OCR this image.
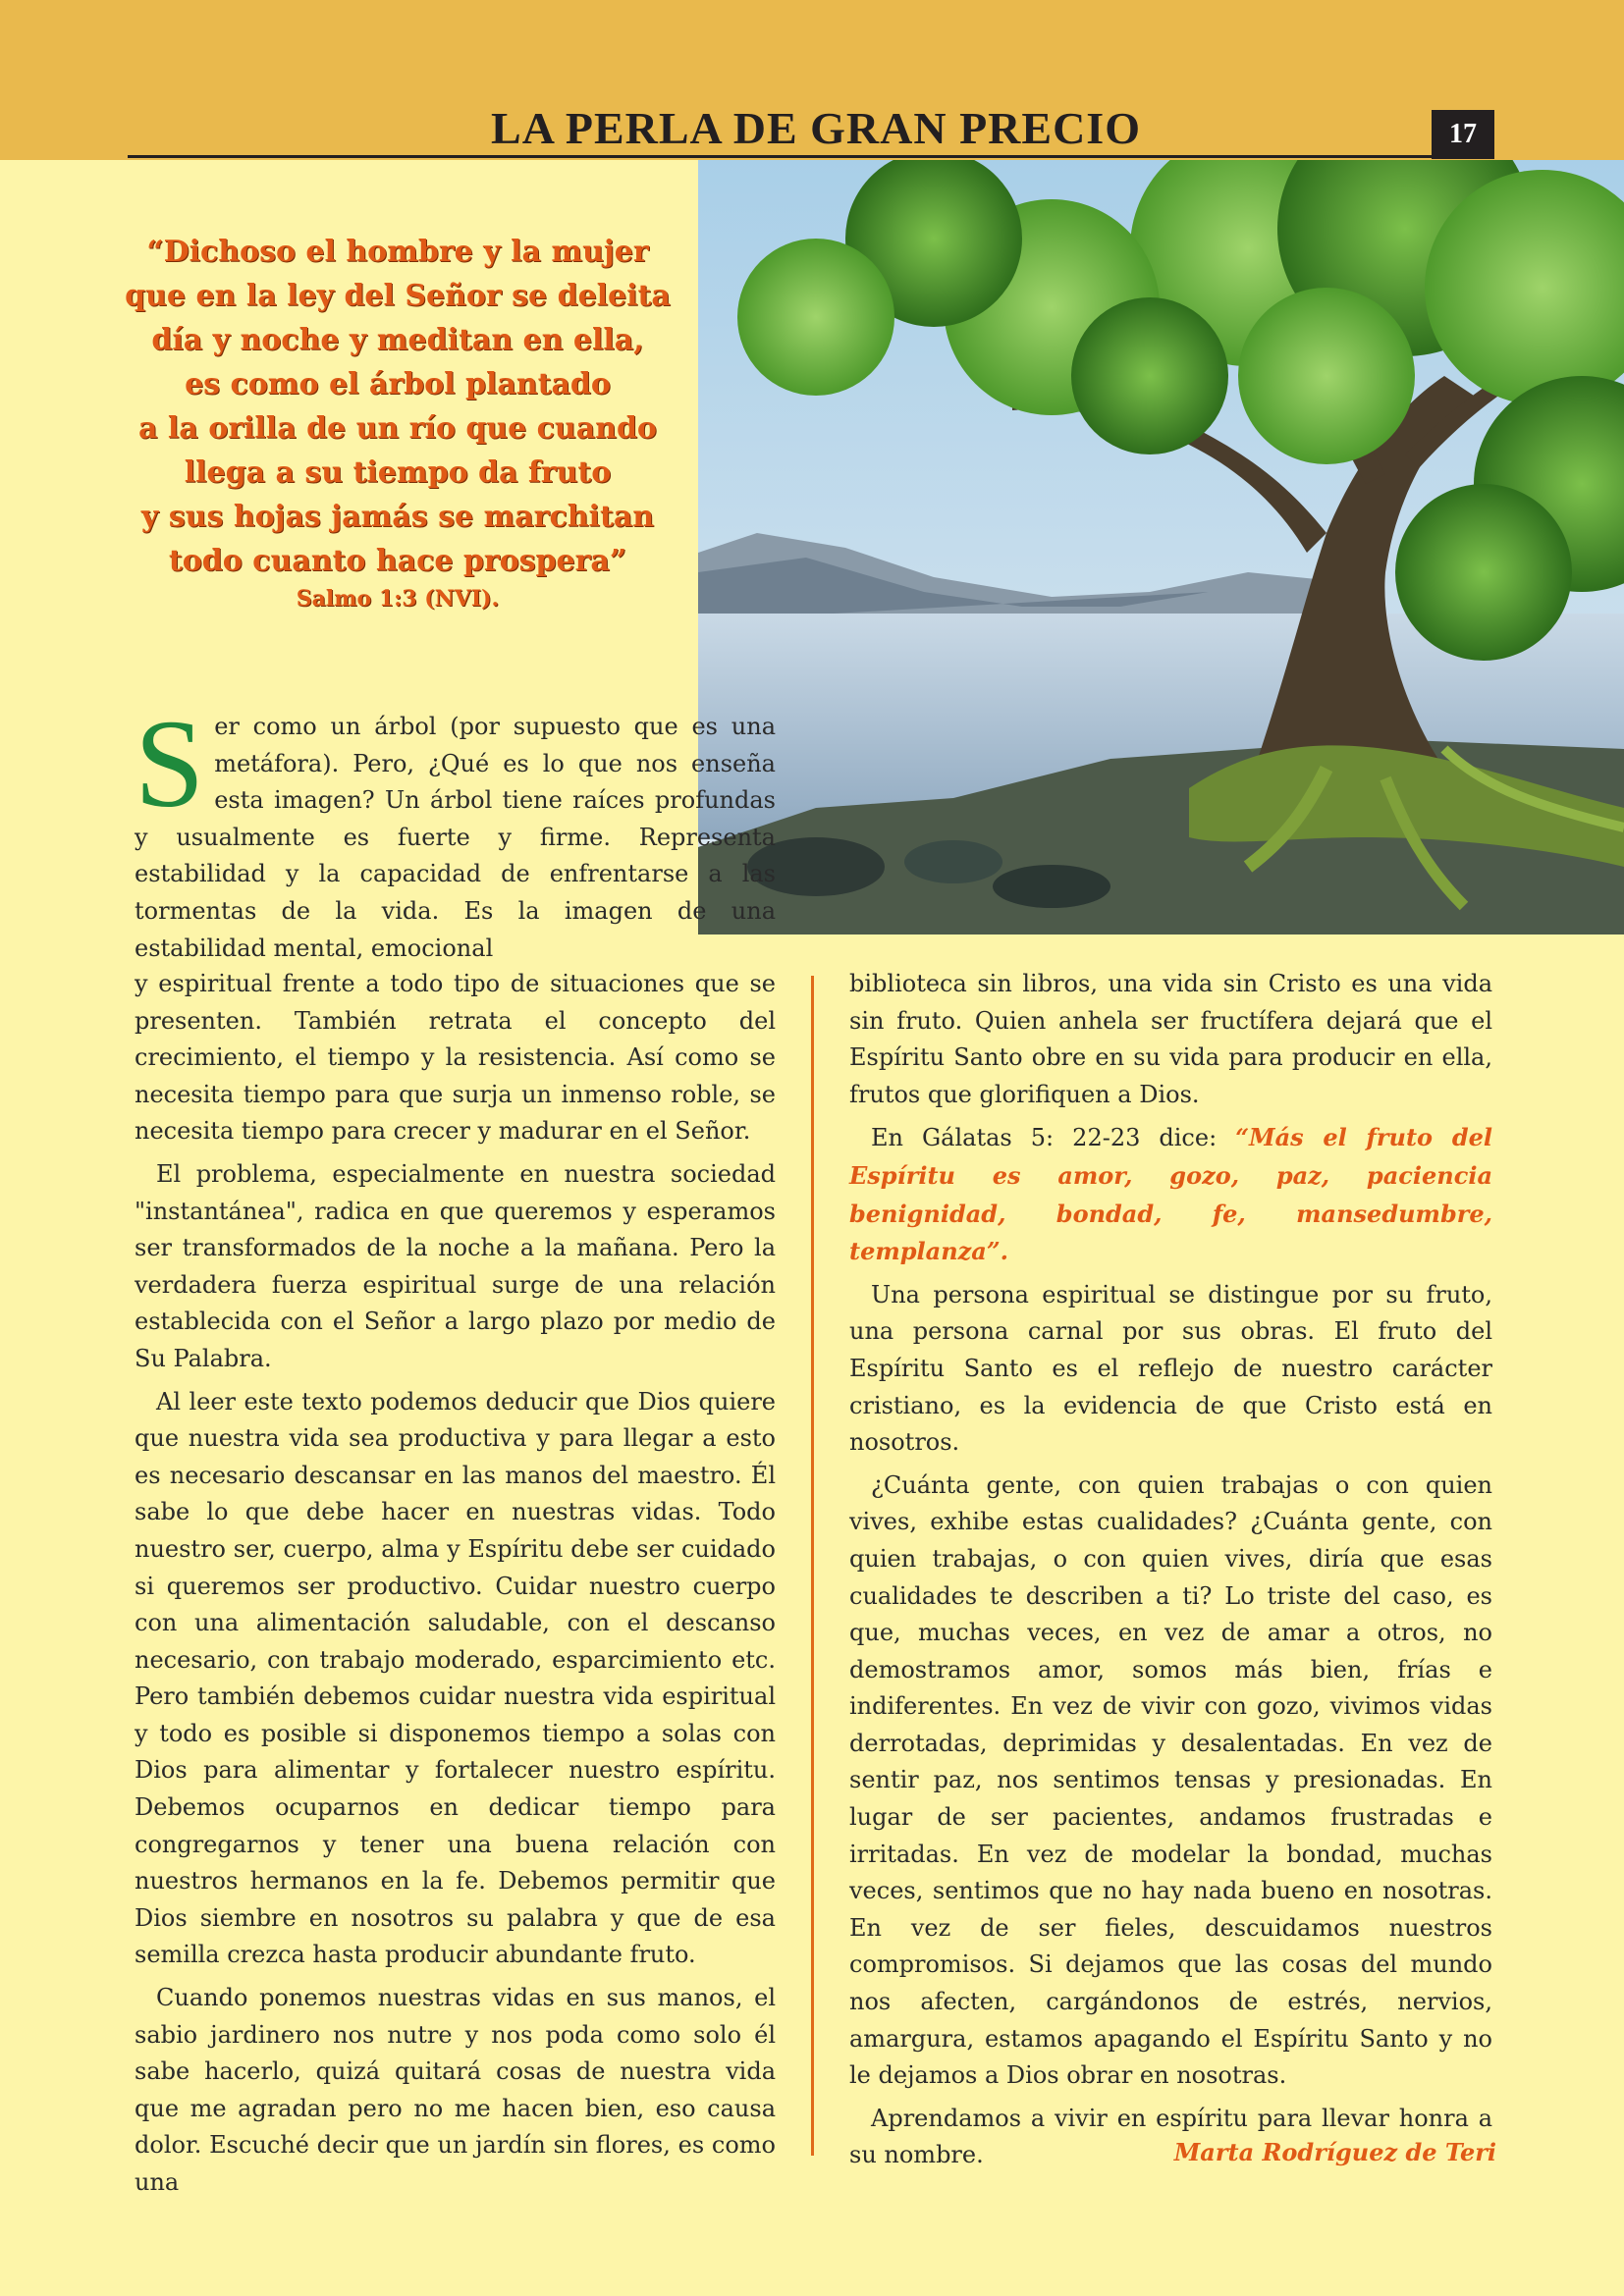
LA PERLA DE GRAN PRECIO	17
“Dichoso el hombre y la mujer
que en la ley del Señor se deleita
día y noche y meditan en ella,
es como el árbol plantado
a la orilla de un río que cuando
llega a su tiempo da fruto
y sus hojas jamás se marchitan
todo cuanto hace prospera”
Salmo 1:3 (NVI).
S er como un árbol (por supuesto que es una metáfora). Pero, ¿Qué es lo que nos enseña esta imagen? Un árbol tiene raíces profundas y usualmente es fuerte y firme. Representa estabilidad y la capacidad de enfrentarse a las tormentas de la vida. Es la imagen de una estabilidad mental, emocional

y espiritual frente a todo tipo de situaciones que se presenten. También retrata el concepto del crecimiento, el tiempo y la resistencia. Así como se necesita tiempo para que surja un inmenso roble, se necesita tiempo para crecer y madurar en el Señor.

El problema, especialmente en nuestra sociedad "instantánea", radica en que queremos y esperamos ser transformados de la noche a la mañana. Pero la verdadera fuerza espiritual surge de una relación establecida con el Señor a largo plazo por medio de Su Palabra.

Al leer este texto podemos deducir que Dios quiere que nuestra vida sea productiva y para llegar a esto es necesario descansar en las manos del maestro. Él sabe lo que debe hacer en nuestras vidas. Todo nuestro ser, cuerpo, alma y Espíritu debe ser cuidado si queremos ser productivo. Cuidar nuestro cuerpo con una alimentación saludable, con el descanso necesario, con trabajo moderado, esparcimiento etc. Pero también debemos cuidar nuestra vida espiritual y todo es posible si disponemos tiempo a solas con Dios para alimentar y fortalecer nuestro espíritu. Debemos ocuparnos en dedicar tiempo para congregarnos y tener una buena relación con nuestros hermanos en la fe. Debemos permitir que Dios siembre en nosotros su palabra y que de esa semilla crezca hasta producir abundante fruto.

Cuando ponemos nuestras vidas en sus manos, el sabio jardinero nos nutre y nos poda como solo él sabe hacerlo, quizá quitará cosas de nuestra vida que me agradan pero no me hacen bien, eso causa dolor. Escuché decir que un jardín sin flores, es como una

biblioteca sin libros, una vida sin Cristo es una vida sin fruto. Quien anhela ser fructífera dejará que el Espíritu Santo obre en su vida para producir en ella, frutos que glorifiquen a Dios.

En Gálatas 5: 22-23 dice: “Más el fruto del Espíritu es amor, gozo, paz, paciencia benignidad, bondad, fe, mansedumbre, templanza”.

Una persona espiritual se distingue por su fruto, una persona carnal por sus obras. El fruto del Espíritu Santo es el reflejo de nuestro carácter cristiano, es la evidencia de que Cristo está en nosotros.

¿Cuánta gente, con quien trabajas o con quien vives, exhibe estas cualidades? ¿Cuánta gente, con quien trabajas, o con quien vives, diría que esas cualidades te describen a ti? Lo triste del caso, es que, muchas veces, en vez de amar a otros, no demostramos amor, somos más bien, frías e indiferentes. En vez de vivir con gozo, vivimos vidas derrotadas, deprimidas y desalentadas. En vez de sentir paz, nos sentimos tensas y presionadas. En lugar de ser pacientes, andamos frustradas e irritadas. En vez de modelar la bondad, muchas veces, sentimos que no hay nada bueno en nosotras. En vez de ser fieles, descuidamos nuestros compromisos. Si dejamos que las cosas del mundo nos afecten, cargándonos de estrés, nervios, amargura, estamos apagando el Espíritu Santo y no le dejamos a Dios obrar en nosotras.

Aprendamos a vivir en espíritu para llevar honra a su nombre.	Marta Rodríguez de Teri
